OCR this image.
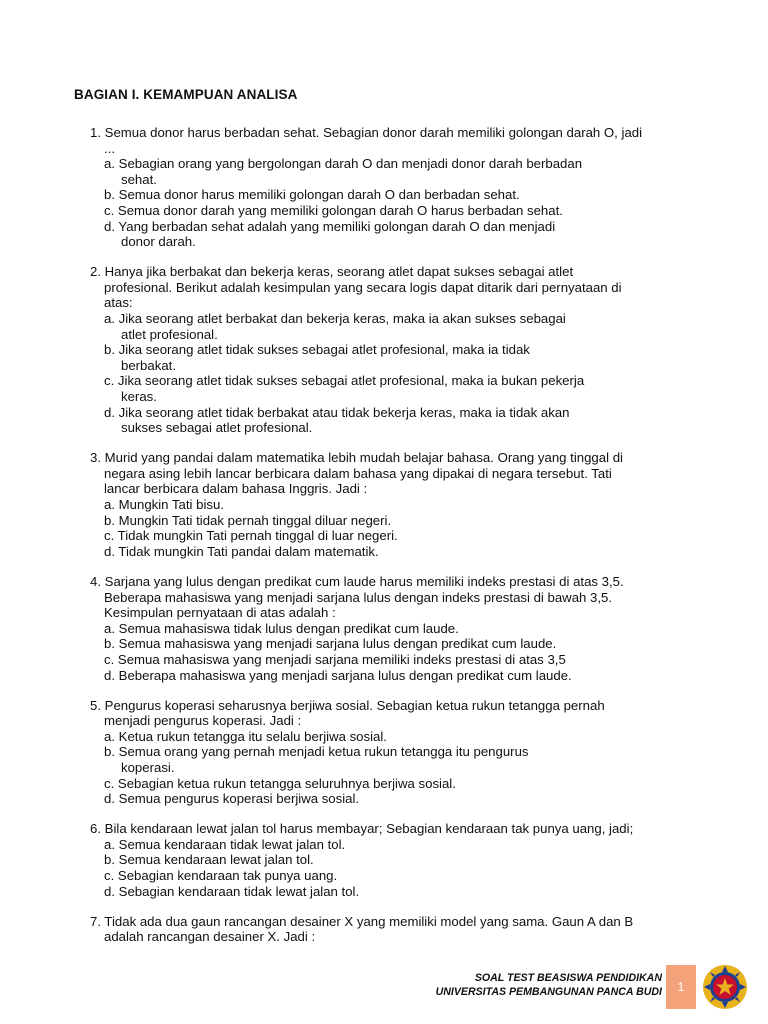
BAGIAN I. KEMAMPUAN ANALISA
1. Semua donor harus berbadan sehat. Sebagian donor darah memiliki golongan darah O, jadi
...
a. Sebagian orang yang bergolongan darah O dan menjadi donor darah berbadan
sehat.
b. Semua donor harus memiliki golongan darah O dan berbadan sehat.
c. Semua donor darah yang memiliki golongan darah O harus berbadan sehat.
d. Yang berbadan sehat adalah yang memiliki golongan darah O dan menjadi
donor darah.
2. Hanya jika berbakat dan bekerja keras, seorang atlet dapat sukses sebagai atlet
profesional. Berikut adalah kesimpulan yang secara logis dapat ditarik dari pernyataan di
atas:
a. Jika seorang atlet berbakat dan bekerja keras, maka ia akan sukses sebagai
atlet profesional.
b. Jika seorang atlet tidak sukses sebagai atlet profesional, maka ia tidak
berbakat.
c. Jika seorang atlet tidak sukses sebagai atlet profesional, maka ia bukan pekerja
keras.
d. Jika seorang atlet tidak berbakat atau tidak bekerja keras, maka ia tidak akan
sukses sebagai atlet profesional.
3. Murid yang pandai dalam matematika lebih mudah belajar bahasa. Orang yang tinggal di
negara asing lebih lancar berbicara dalam bahasa yang dipakai di negara tersebut. Tati
lancar berbicara dalam bahasa Inggris. Jadi :
a. Mungkin Tati bisu.
b. Mungkin Tati tidak pernah tinggal diluar negeri.
c. Tidak mungkin Tati pernah tinggal di luar negeri.
d. Tidak mungkin Tati pandai dalam matematik.
4. Sarjana yang lulus dengan predikat cum laude harus memiliki indeks prestasi di atas 3,5.
Beberapa mahasiswa yang menjadi sarjana lulus dengan indeks prestasi di bawah 3,5.
Kesimpulan pernyataan di atas adalah :
a. Semua mahasiswa tidak lulus dengan predikat cum laude.
b. Semua mahasiswa yang menjadi sarjana lulus dengan predikat cum laude.
c. Semua mahasiswa yang menjadi sarjana memiliki indeks prestasi di atas 3,5
d. Beberapa mahasiswa yang menjadi sarjana lulus dengan predikat cum laude.
5. Pengurus koperasi seharusnya berjiwa sosial. Sebagian ketua rukun tetangga pernah
menjadi pengurus koperasi. Jadi :
a. Ketua rukun tetangga itu selalu berjiwa sosial.
b. Semua orang yang pernah menjadi ketua rukun tetangga itu pengurus
koperasi.
c. Sebagian ketua rukun tetangga seluruhnya berjiwa sosial.
d. Semua pengurus koperasi berjiwa sosial.
6. Bila kendaraan lewat jalan tol harus membayar; Sebagian kendaraan tak punya uang, jadi;
a. Semua kendaraan tidak lewat jalan tol.
b. Semua kendaraan lewat jalan tol.
c. Sebagian kendaraan tak punya uang.
d. Sebagian kendaraan tidak lewat jalan tol.
7. Tidak ada dua gaun rancangan desainer X yang memiliki model yang sama. Gaun A dan B
adalah rancangan desainer X. Jadi :
SOAL TEST BEASISWA PENDIDIKAN
UNIVERSITAS PEMBANGUNAN PANCA BUDI	1
